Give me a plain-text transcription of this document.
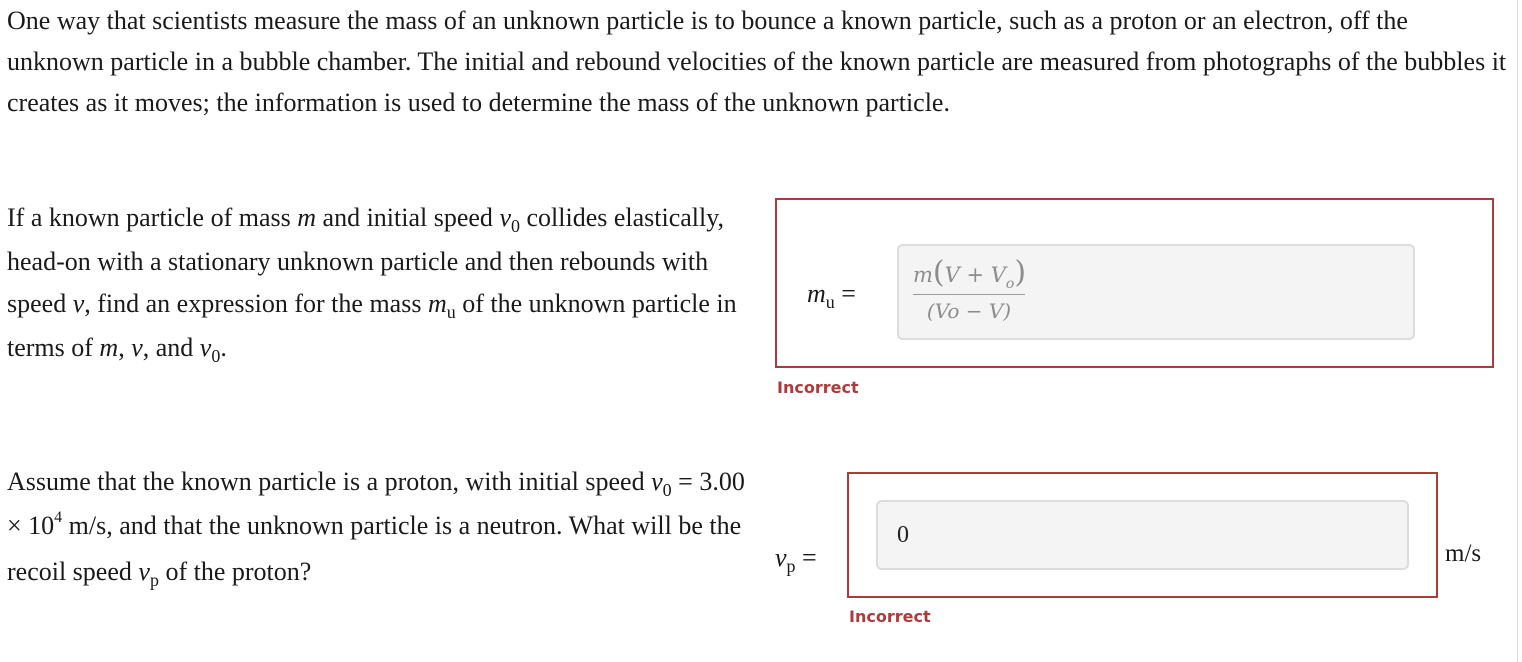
One way that scientists measure the mass of an unknown particle is to bounce a known particle, such as a proton or an electron, off the unknown particle in a bubble chamber. The initial and rebound velocities of the known particle are measured from photographs of the bubbles it creates as it moves; the information is used to determine the mass of the unknown particle.

If a known particle of mass m and initial speed $v_0$ collides elastically, head-on with a stationary unknown particle and then rebounds with speed v, find an expression for the mass $m_u$ of the unknown particle in terms of m, v, and $v_0$.

$m_u$ =
$m(V + V_o)$
(Vo − V)
Incorrect

Assume that the known particle is a proton, with initial speed $v_0 = 3.00 \times 10^4$ m/s, and that the unknown particle is a neutron. What will be the recoil speed $v_p$ of the proton?	$v_p$ =
0
m/s
Incorrect
